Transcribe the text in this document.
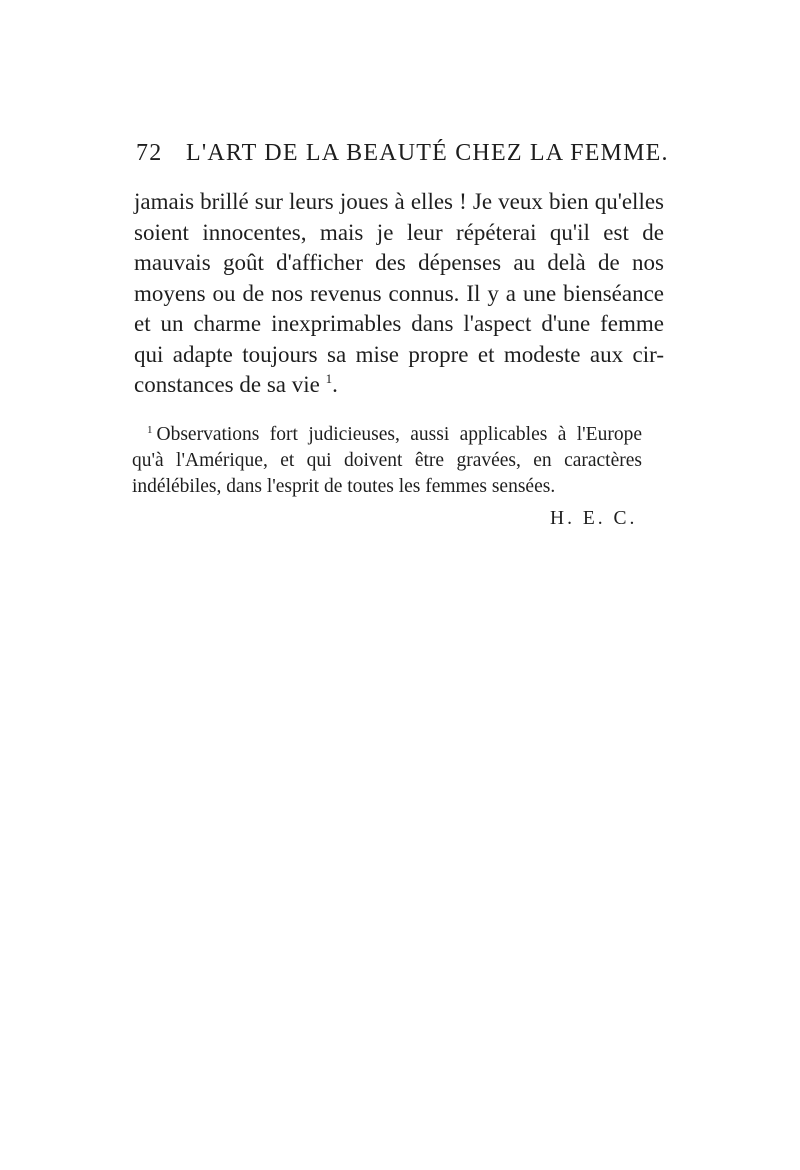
72 L'ART DE LA BEAUTÉ CHEZ LA FEMME.
jamais brillé sur leurs joues à elles ! Je veux bien qu'elles
soient innocentes, mais je leur répéterai qu'il est de
mauvais goût d'afficher des dépenses au delà de nos
moyens ou de nos revenus connus. Il y a une bienséance
et un charme inexprimables dans l'aspect d'une femme
qui adapte toujours sa mise propre et modeste aux cir-
constances de sa vie $^1$.
$^1$ Observations fort judicieuses, aussi applicables à l'Europe
qu'à l'Amérique, et qui doivent être gravées, en caractères
indélébiles, dans l'esprit de toutes les femmes sensées.
H. E. C.
